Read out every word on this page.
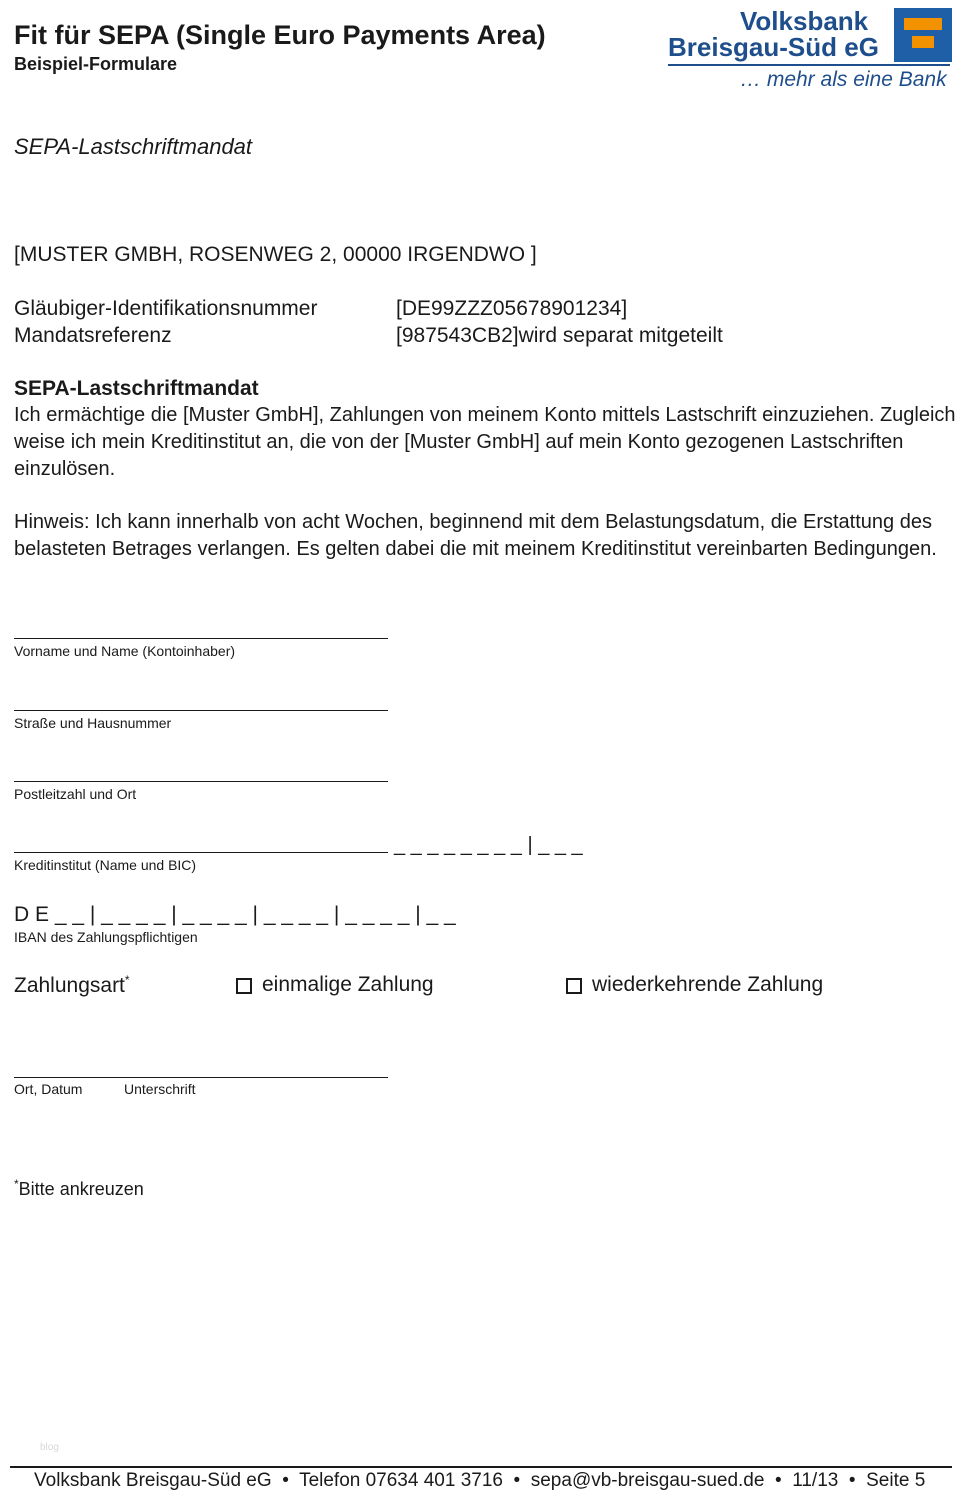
Fit für SEPA (Single Euro Payments Area)
Beispiel-Formulare
Volksbank
Breisgau-Süd eG
… mehr als eine Bank
SEPA-Lastschriftmandat
[MUSTER GMBH, ROSENWEG 2, 00000 IRGENDWO ]
Gläubiger-Identifikationsnummer	[DE99ZZZ05678901234]
Mandatsreferenz	[987543CB2]wird separat mitgeteilt
SEPA-Lastschriftmandat
Ich ermächtige die [Muster GmbH], Zahlungen von meinem Konto mittels Lastschrift einzuziehen. Zugleich weise ich mein Kreditinstitut an, die von der [Muster GmbH] auf mein Konto gezogenen Lastschriften einzulösen.
Hinweis: Ich kann innerhalb von acht Wochen, beginnend mit dem Belastungsdatum, die Erstattung des belasteten Betrages verlangen. Es gelten dabei die mit meinem Kreditinstitut vereinbarten Bedingungen.
Vorname und Name (Kontoinhaber)
Straße und Hausnummer
Postleitzahl und Ort
_ _ _ _ _ _ _ _ | _ _ _
Kreditinstitut (Name und BIC)
D E _ _ | _ _ _ _ | _ _ _ _ | _ _ _ _ | _ _ _ _ | _ _
IBAN des Zahlungspflichtigen
Zahlungsart*	einmalige Zahlung	wiederkehrende Zahlung
Ort, Datum	Unterschrift
*Bitte ankreuzen
blog
Volksbank Breisgau-Süd eG  •  Telefon 07634 401 3716  •  sepa@vb-breisgau-sued.de  •  11/13  •  Seite 5
